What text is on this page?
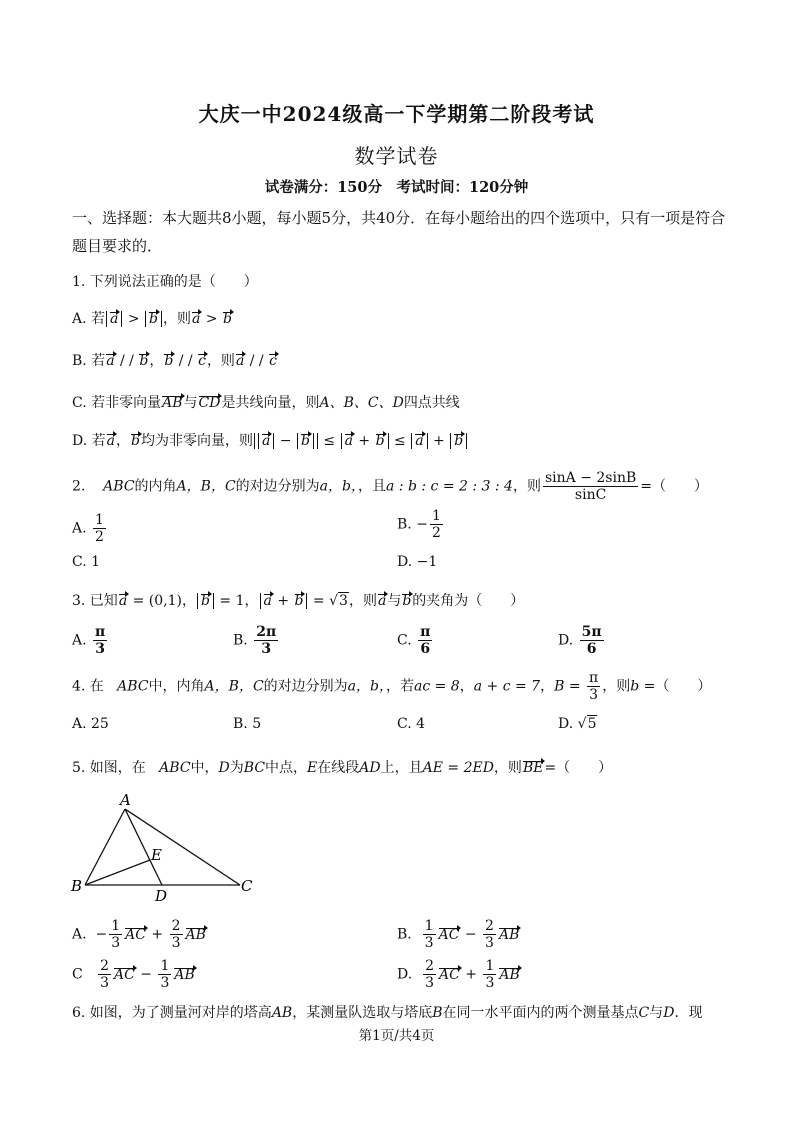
大庆一中2024级高一下学期第二阶段考试
数学试卷
试卷满分：150分　考试时间：120分钟
一、选择题：本大题共8小题，每小题5分，共40分．在每小题给出的四个选项中，只有一项是符合题目要求的．
1. 下列说法正确的是（　　）
A. 若 a > b ，则a > b
B. 若a / / b，b / / c，则a / / c
C. 若非零向量AB与CD是共线向量，则A、B、C、D四点共线
D. 若a，b均为非零向量，则 a − b ≤ a + b ≤ a + b
2. ABC的内角A，B，C的对边分别为a，b，，且a : b : c = 2 : 3 : 4，则 $\frac{\sin A - 2\sin B}{\sin C}$ =（　　）
A. $\frac{1}{2}$	B. − $\frac{1}{2}$
C. 1	D. −1
3. 已知a = (0,1)， b = 1， a + b = √3，则a与b的夹角为（　　）
A. $\frac{\pi}{3}$	B. $\frac{2\pi}{3}$	C. $\frac{\pi}{6}$	D. $\frac{5\pi}{6}$
4. 在 ABC中，内角A，B，C的对边分别为a，b，，若ac = 8，a + c = 7，$B = \frac{\pi}{3}$ ，则b =（　　）
A. 25	B. 5	C. 4	D. √5
5. 如图，在 ABC中，D为BC中点，E在线段AD上，且AE = 2ED，则BE=（　　）
A
B	C
D
E
A.  − $\frac{1}{3}$ AC + $\frac{2}{3}$ AB	B. $\frac{1}{3}$ AC − $\frac{2}{3}$ AB
C $\frac{2}{3}$ AC − $\frac{1}{3}$ AB	D. $\frac{2}{3}$ AC + $\frac{1}{3}$ AB
6. 如图，为了测量河对岸的塔高AB，某测量队选取与塔底B在同一水平面内的两个测量基点C与D．现
第1页/共4页
